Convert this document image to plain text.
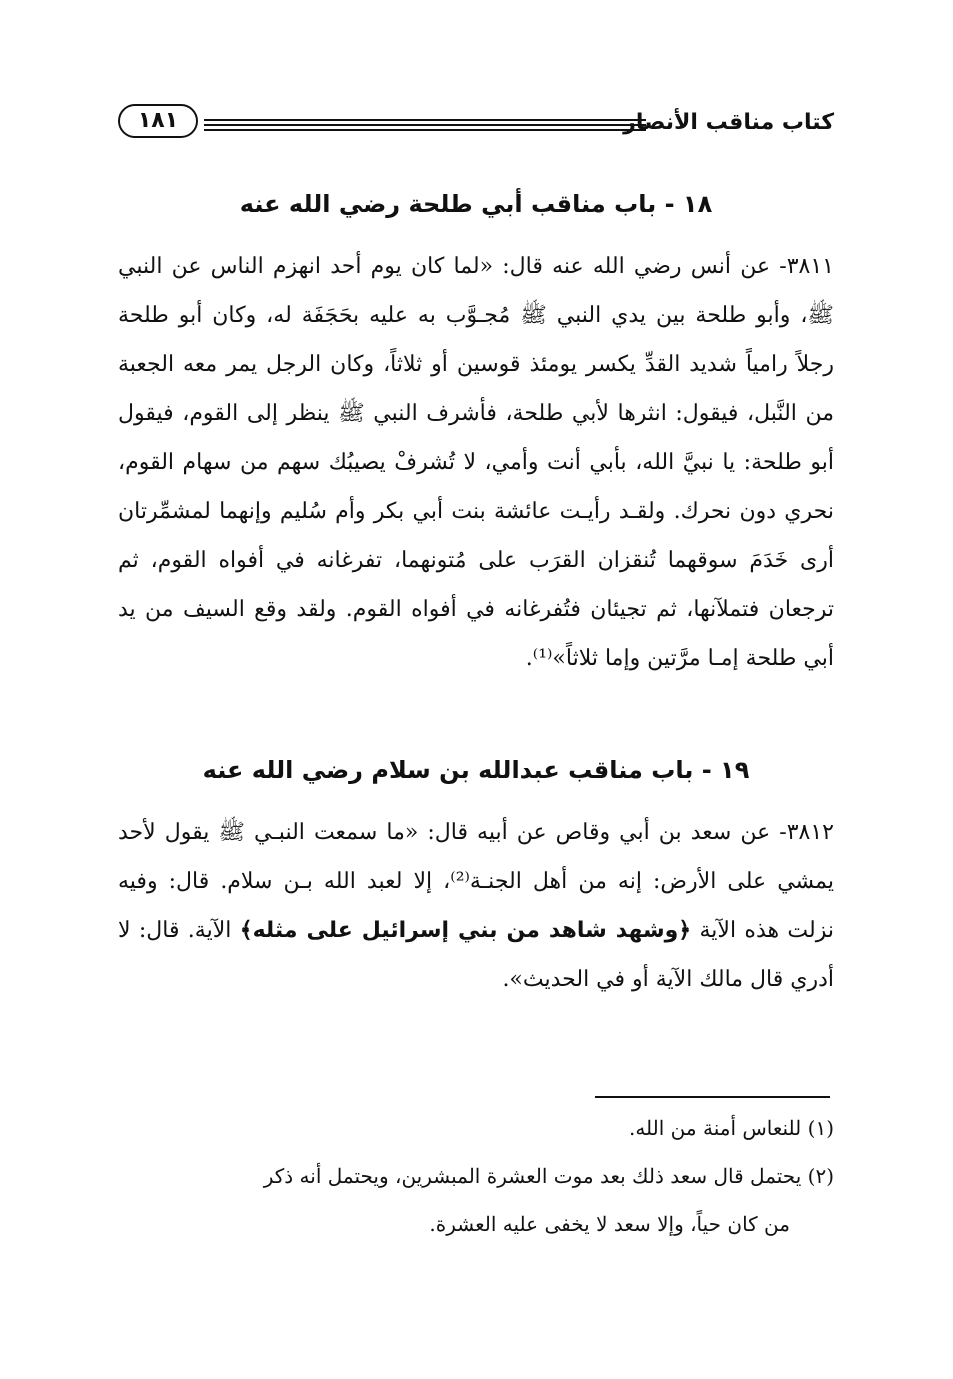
كتاب مناقب الأنصار
١٨١
١٨ - باب مناقب أبي طلحة رضي الله عنه

٣٨١١- عن أنس رضي الله عنه قال: «لما كان يوم أحد انهزم الناس عن النبي ﷺ، وأبو طلحة بين يدي النبي ﷺ مُجـوَّب به عليه بحَجَفَة له، وكان أبو طلحة رجلاً رامياً شديد القدِّ يكسر يومئذ قوسين أو ثلاثاً، وكان الرجل يمر معه الجعبة من النَّبل، فيقول: انثرها لأبي طلحة، فأشرف النبي ﷺ ينظر إلى القوم، فيقول أبو طلحة: يا نبيَّ الله، بأبي أنت وأمي، لا تُشرفْ يصيبُك سهم من سهام القوم، نحري دون نحرك. ولقـد رأيـت عائشة بنت أبي بكر وأم سُليم وإنهما لمشمِّرتان أرى خَدَمَ سوقهما تُنقزان القرَب على مُتونهما، تفرغانه في أفواه القوم، ثم ترجعان فتملآنها، ثم تجيئان فتُفرغانه في أفواه القوم. ولقد وقع السيف من يد أبي طلحة إمـا مرَّتين وإما ثلاثاً»⁽¹⁾.

١٩ - باب مناقب عبدالله بن سلام رضي الله عنه

٣٨١٢- عن سعد بن أبي وقاص عن أبيه قال: «ما سمعت النبـي ﷺ يقول لأحد يمشي على الأرض: إنه من أهل الجنـة⁽²⁾، إلا لعبد الله بـن سلام. قال: وفيه نزلت هذه الآية ﴿وشهد شاهد من بني إسرائيل على مثله﴾ الآية. قال: لا أدري قال مالك الآية أو في الحديث».

(١) للنعاس أمنة من الله.

(٢) يحتمل قال سعد ذلك بعد موت العشرة المبشرين، ويحتمل أنه ذكر

من كان حياً، وإلا سعد لا يخفى عليه العشرة.
